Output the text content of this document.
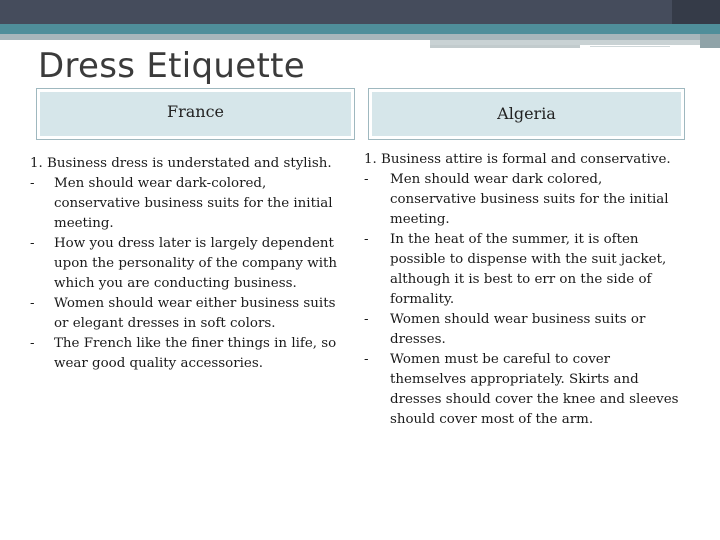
Dress Etiquette
France	Algeria

1. Business dress is understated and stylish.

-	Men should wear dark-colored, conservative business suits for the initial meeting.
-	How you dress later is largely dependent upon the personality of the company with which you are conducting business.
-	Women should wear either business suits or elegant dresses in soft colors.
-	The French like the finer things in life, so wear good quality accessories.

1. Business attire is formal and conservative.

-	Men should wear dark colored, conservative business suits for the initial meeting.
-	In the heat of the summer, it is often possible to dispense with the suit jacket, although it is best to err on the side of formality.
-	Women should wear business suits or dresses.
-	Women must be careful to cover themselves appropriately. Skirts and dresses should cover the knee and sleeves should cover most of the arm.
